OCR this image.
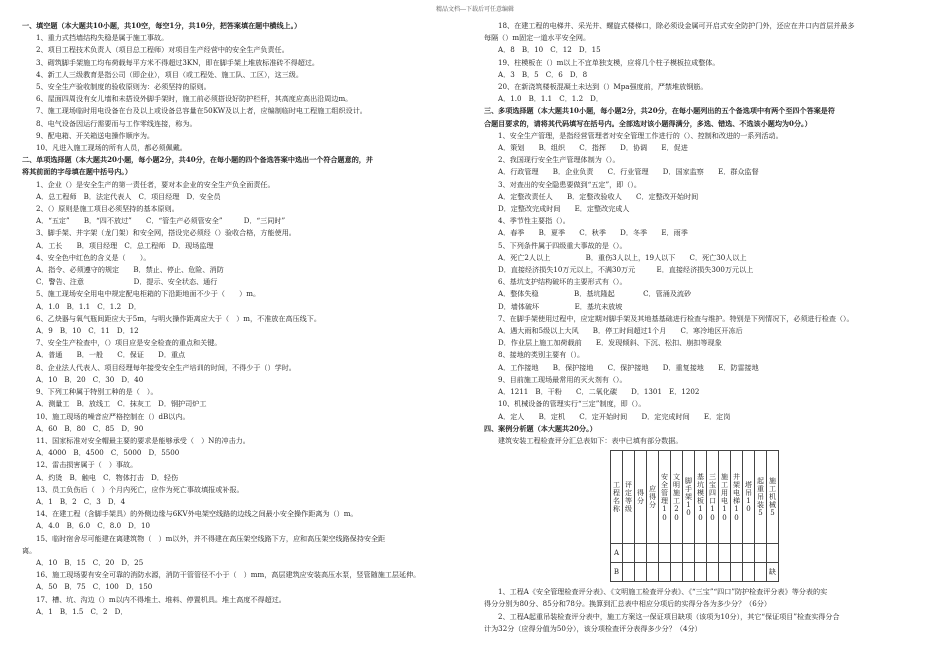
精品文档---下载后可任意编辑
一、填空题（本大题共10小题，共10空，每空1分，共10分，把答案填在题中横线上。）
1、重力式挡墙结构失稳是属于施工事故。
2、项目工程技术负责人（项目总工程师）对项目生产经营中的安全生产负责任。
3、砌筑脚手架施工均布荷载每平方米不得超过3KN，即在脚手架上堆放标准砖不得超过。
4、新工人三级教育是指公司（即企业），项目（或工程处、施工队、工区），这三级。
5、安全生产验收制度的验收原则为：必须坚持的原则。
6、屋面四周没有女儿墙和未搭设外脚手架时，施工前必须搭设好防护栏杆，其高度应高出沿周边m。
7、施工现场临时用电设备在台及以上或设备总容量在50KW及以上者，应编制临时电工程施工组织设计。
8、电气设备因运行需要而与工作零线连接，称为。
9、配电箱、开关箱送电操作顺序为。
10、凡进入施工现场的所有人员，都必须佩戴。
二、单项选择题（本大题共20小题，每小题2分，共40分，在每小题的四个备选答案中选出一个符合题意的，并
将其前面的字母填在题中括号内。）
1、企业（）是安全生产的第一责任者，要对本企业的安全生产负全面责任。
A．总工程师　B．法定代表人　C．项目经理　D．安全员
2、（）原则是施工项目必须坚持的基本原则。
A．“五定”　　B．“四不放过”　　C．“管生产必须管安全”　　　D．“三同时”
3、脚手架、井字架（龙门架）和安全网，搭设完必须经（）验收合格，方能使用。
A．工长　　B．项目经理　C．总工程师　D．现场监理
4、安全色中红色的含义是（　　）。
A．指令、必须遵守的规定　　B．禁止、停止、危险、消防
C．警告、注意　　　　　　　D．提示、安全状态、通行
5、施工现场安全用电中规定配电柜箱的下沿距地面不少于（　　）m。
A．1.0　B．1.1　C．1.2　D．
6、乙炔器与氧气瓶间距应大于5m，与明火操作距离应大于（　）m，不准放在高压线下。
A．9　B．10　C．11　D．12
7、安全生产检查中，（）项目应是安全检查的重点和关键。
A．普通　　B．一般　　C．保证　　D．重点
8、企业法人代表人、项目经理每年接受安全生产培训的时间，不得少于（）学时。
A．10　B．20　C．30　D．40
9、下列工种属于特别工种的是（　）。
A．测量工　B．放线工　C．抹灰工　D．钢护司炉工
10、施工现场的噪音应严格控制在（）dB以内。
A．60　B．80　C．85　D．90
11、国家标准对安全帽最主要的要求是能够承受（　）N的冲击力。
A．4000　B．4500　C．5000　D．5500
12、雷击损害属于（　）事故。
A．灼烫　B．触电　C．物体打击　D．轻伤
13、员工负伤后（　）个月内死亡，应作为死亡事故填报或补报。
A．1　B．2　C．3　D．4
14、在建工程（含脚手架具）的外侧边缘与6KV外电架空线路的边线之间最小安全操作距离为（）m。
A．4.0　B．6.0　C．8.0　D．10
15、临时宿舍尽可能建在离建筑物（　）m以外，并不得建在高压架空线路下方，应和高压架空线路保持安全距
离。
A．10　B．15　C．20　D．25
16、施工现场要有安全可靠的消防水源，消防干管管径不小于（　）mm，高层建筑应安装高压水泵，竖管随施工层延伸。
A．50　B．75　C．100　D．150
17、槽、坑、沟边（）m以内不得堆土、堆料、停置机具。堆土高度不得超过。
A．1　B．1.5　C．2　D．
18、在建工程的电梯井、采光井、螺旋式楼梯口，除必须设金属可开启式安全防护门外，还应在井口内首层并最多
每隔（）m固定一道水平安全网。
A．8　B．10　C．12　D．15
19、柱模板在（）m以上不宜单独支模，应将几个柱子模板拉成整体。
A．3　B．5　C．6　D．8
20、在新浇筑楼板混凝土未达到（）Mpa强度前，严禁堆放钢筋。
A．1.0　B．1.1　C．1.2　D．
三、多项选择题（本大题共10小题，每小题2分，共20分，在每小题列出的五个备选项中有两个至四个答案是符
合题目要求的，请将其代码填写在括号内。全部选对该小题得满分，多选、错选、不选该小题均为0分。）
1、安全生产管理，是指经营管理者对安全管理工作进行的（）、控制和改进的一系列活动。
A．策划　　B．组织　　C．指挥　　D．协调　　E．促进
2、我国现行安全生产管理体制为（）。
A．行政管理　　B．企业负责　　C．行业管理　　D．国家监察　　E．群众监督
3、对查出的安全隐患要做到“五定”，即（）。
A．定整改责任人　　B．定整改验收人　　C．定整改开始时间
D．定整改完成时间　　E．定整改完成人
4、季节性主要指（）。
A．春季　　B．夏季　　C．秋季　　D．冬季　　E．雨季
5、下列条件属于四级重大事故的是（）。
A．死亡2人以上　　　　　B．重伤3人以上，19人以下　　C．死亡30人以上
D．直接经济损失10万元以上，不满30万元　　　E．直接经济损失300万元以上
6、基坑支护结构破坏的主要形式有（）。
A．整体失稳　　　　　B．基坑隆起　　　　C．管涌及流砂
D．墙体破坏　　　　　E．基坑未放坡
7、在脚手架使用过程中，应定期对脚手架及其地基基础进行检查与维护。特别是下列情况下，必须进行检查（）。
A．遇大雨和5级以上大风　　B．停工时间超过1个月　　C．寒冷地区开冻后
D．作业层上施工加荷载前　　E．发现倾斜、下沉、松扣、崩扣等现象
8、接地的类别主要有（）。
A．工作接地　　B．保护接地　　C．保护接地　　D．重复接地　　E．防雷接地
9、目前施工现场最常用的灭火剂有（）。
A．1211　B．干粉　　C．二氧化碳　　D．1301　E．1202
10、机械设备的管理实行“三定”制度，即（）。
A．定人　　B．定机　　C．定开始时间　　D．定完成时间　　E．定岗
四、案例分析题（本大题共20分。）
建筑安装工程检查评分汇总表如下：表中已填有部分数据。
工程名称	评定等级	得分	应得分	安全管理10	文明施工20	脚手架10	基坑模板10	三宝四口10	施工用电10	井架电梯10	塔吊10	起重吊装5	施工机械5
A													
B													缺
1、工程A《安全管理检查评分表》、《文明施工检查评分表》、《“三宝”“四口”防护检查评分表》等分表的实
得分分别为80分、85分和78分。换算到汇总表中相应分项后的实得分各为多少分？（6分）
2、工程A起重吊装检查评分表中，施工方案这一保证项目缺项（该项为10分），其它“保证项目”检查实得分合
计为32分（应得分值为50分），该分项检查评分表得多少分？（4分）
